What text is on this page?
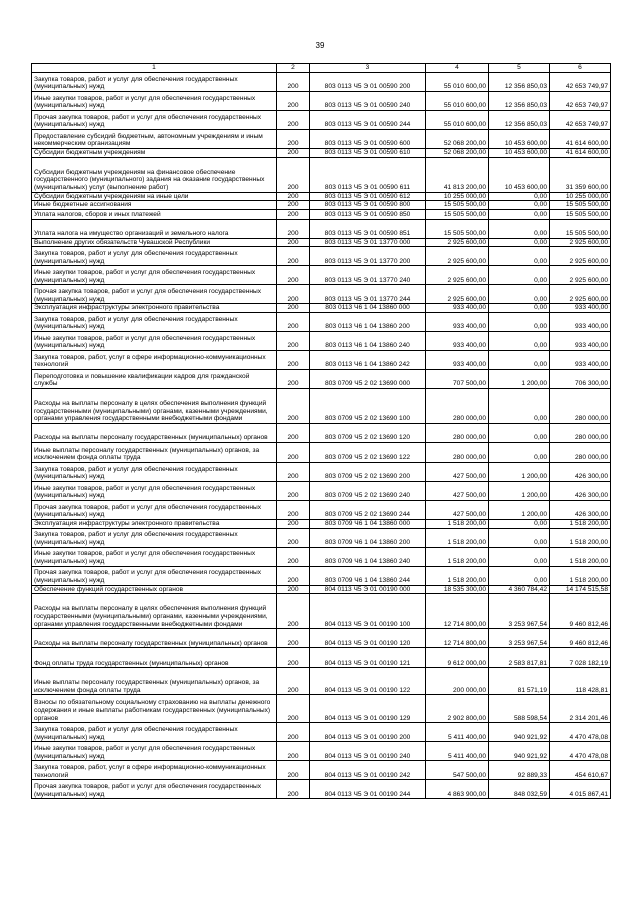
39
1	2	3	4	5	6
Закупка товаров, работ и услуг для обеспечения государственных (муниципальных) нужд	200	803 0113 Ч5 Э 01 00590 200	55 010 600,00	12 356 850,03	42 653 749,97
Иные закупки товаров, работ и услуг для обеспечения государственных (муниципальных) нужд	200	803 0113 Ч5 Э 01 00590 240	55 010 600,00	12 356 850,03	42 653 749,97
Прочая закупка товаров, работ и услуг для обеспечения государственных (муниципальных) нужд	200	803 0113 Ч5 Э 01 00590 244	55 010 600,00	12 356 850,03	42 653 749,97
Предоставление субсидий бюджетным, автономным учреждениям и иным некоммерческим организациям	200	803 0113 Ч5 Э 01 00590 600	52 068 200,00	10 453 600,00	41 614 600,00
Субсидии бюджетным учреждениям	200	803 0113 Ч5 Э 01 00590 610	52 068 200,00	10 453 600,00	41 614 600,00
Субсидии бюджетным учреждениям на финансовое обеспечение государственного (муниципального) задания на оказание государственных (муниципальных) услуг (выполнение работ)	200	803 0113 Ч5 Э 01 00590 611	41 813 200,00	10 453 600,00	31 359 600,00
Субсидии бюджетным учреждениям на иные цели	200	803 0113 Ч5 Э 01 00590 612	10 255 000,00	0,00	10 255 000,00
Иные бюджетные ассигнования	200	803 0113 Ч5 Э 01 00590 800	15 505 500,00	0,00	15 505 500,00
Уплата налогов, сборов и иных платежей	200	803 0113 Ч5 Э 01 00590 850	15 505 500,00	0,00	15 505 500,00
Уплата налога на имущество организаций и земельного налога	200	803 0113 Ч5 Э 01 00590 851	15 505 500,00	0,00	15 505 500,00
Выполнение других обязательств Чувашской Республики	200	803 0113 Ч5 Э 01 13770 000	2 925 600,00	0,00	2 925 600,00
Закупка товаров, работ и услуг для обеспечения государственных (муниципальных) нужд	200	803 0113 Ч5 Э 01 13770 200	2 925 600,00	0,00	2 925 600,00
Иные закупки товаров, работ и услуг для обеспечения государственных (муниципальных) нужд	200	803 0113 Ч5 Э 01 13770 240	2 925 600,00	0,00	2 925 600,00
Прочая закупка товаров, работ и услуг для обеспечения государственных (муниципальных) нужд	200	803 0113 Ч5 Э 01 13770 244	2 925 600,00	0,00	2 925 600,00
Эксплуатация инфраструктуры электронного правительства	200	803 0113 Ч6 1 04 13860 000	933 400,00	0,00	933 400,00
Закупка товаров, работ и услуг для обеспечения государственных (муниципальных) нужд	200	803 0113 Ч6 1 04 13860 200	933 400,00	0,00	933 400,00
Иные закупки товаров, работ и услуг для обеспечения государственных (муниципальных) нужд	200	803 0113 Ч6 1 04 13860 240	933 400,00	0,00	933 400,00
Закупка товаров, работ, услуг в сфере информационно-коммуникационных технологий	200	803 0113 Ч6 1 04 13860 242	933 400,00	0,00	933 400,00
Переподготовка и повышение квалификации кадров для гражданской службы	200	803 0709 Ч5 2 02 13690 000	707 500,00	1 200,00	706 300,00
Расходы на выплаты персоналу в целях обеспечения выполнения функций государственными (муниципальными) органами, казенными учреждениями, органами управления государственными внебюджетными фондами	200	803 0709 Ч5 2 02 13690 100	280 000,00	0,00	280 000,00
Расходы на выплаты персоналу государственных (муниципальных) органов	200	803 0709 Ч5 2 02 13690 120	280 000,00	0,00	280 000,00
Иные выплаты персоналу государственных (муниципальных) органов, за исключением фонда оплаты труда	200	803 0709 Ч5 2 02 13690 122	280 000,00	0,00	280 000,00
Закупка товаров, работ и услуг для обеспечения государственных (муниципальных) нужд	200	803 0709 Ч5 2 02 13690 200	427 500,00	1 200,00	426 300,00
Иные закупки товаров, работ и услуг для обеспечения государственных (муниципальных) нужд	200	803 0709 Ч5 2 02 13690 240	427 500,00	1 200,00	426 300,00
Прочая закупка товаров, работ и услуг для обеспечения государственных (муниципальных) нужд	200	803 0709 Ч5 2 02 13690 244	427 500,00	1 200,00	426 300,00
Эксплуатация инфраструктуры электронного правительства	200	803 0709 Ч6 1 04 13860 000	1 518 200,00	0,00	1 518 200,00
Закупка товаров, работ и услуг для обеспечения государственных (муниципальных) нужд	200	803 0709 Ч6 1 04 13860 200	1 518 200,00	0,00	1 518 200,00
Иные закупки товаров, работ и услуг для обеспечения государственных (муниципальных) нужд	200	803 0709 Ч6 1 04 13860 240	1 518 200,00	0,00	1 518 200,00
Прочая закупка товаров, работ и услуг для обеспечения государственных (муниципальных) нужд	200	803 0709 Ч6 1 04 13860 244	1 518 200,00	0,00	1 518 200,00
Обеспечение функций государственных органов	200	804 0113 Ч5 Э 01 00190 000	18 535 300,00	4 360 784,42	14 174 515,58
Расходы на выплаты персоналу в целях обеспечения выполнения функций государственными (муниципальными) органами, казенными учреждениями, органами управления государственными внебюджетными фондами	200	804 0113 Ч5 Э 01 00190 100	12 714 800,00	3 253 967,54	9 460 812,46
Расходы на выплаты персоналу государственных (муниципальных) органов	200	804 0113 Ч5 Э 01 00190 120	12 714 800,00	3 253 967,54	9 460 812,46
Фонд оплаты труда государственных (муниципальных) органов	200	804 0113 Ч5 Э 01 00190 121	9 612 000,00	2 583 817,81	7 028 182,19
Иные выплаты персоналу государственных (муниципальных) органов, за исключением фонда оплаты труда	200	804 0113 Ч5 Э 01 00190 122	200 000,00	81 571,19	118 428,81
Взносы по обязательному социальному страхованию на выплаты денежного содержания и иные выплаты работникам государственных (муниципальных) органов	200	804 0113 Ч5 Э 01 00190 129	2 902 800,00	588 598,54	2 314 201,46
Закупка товаров, работ и услуг для обеспечения государственных (муниципальных) нужд	200	804 0113 Ч5 Э 01 00190 200	5 411 400,00	940 921,92	4 470 478,08
Иные закупки товаров, работ и услуг для обеспечения государственных (муниципальных) нужд	200	804 0113 Ч5 Э 01 00190 240	5 411 400,00	940 921,92	4 470 478,08
Закупка товаров, работ, услуг в сфере информационно-коммуникационных технологий	200	804 0113 Ч5 Э 01 00190 242	547 500,00	92 889,33	454 610,67
Прочая закупка товаров, работ и услуг для обеспечения государственных (муниципальных) нужд	200	804 0113 Ч5 Э 01 00190 244	4 863 900,00	848 032,59	4 015 867,41
